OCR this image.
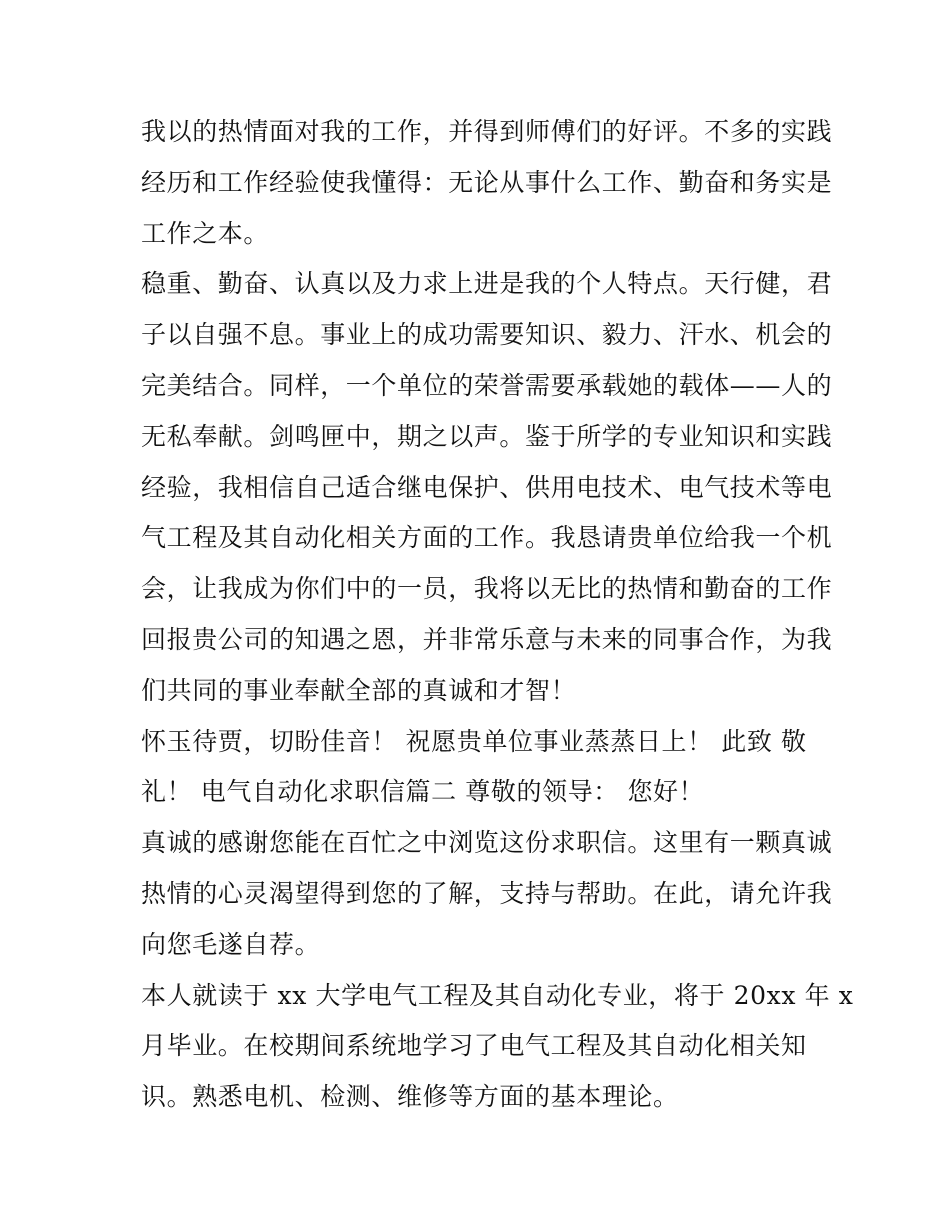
我以的热情面对我的工作，并得到师傅们的好评。不多的实践
经历和工作经验使我懂得：无论从事什么工作、勤奋和务实是
工作之本。

稳重、勤奋、认真以及力求上进是我的个人特点。天行健，君
子以自强不息。事业上的成功需要知识、毅力、汗水、机会的
完美结合。同样，一个单位的荣誉需要承载她的载体——人的
无私奉献。剑鸣匣中，期之以声。鉴于所学的专业知识和实践
经验，我相信自己适合继电保护、供用电技术、电气技术等电
气工程及其自动化相关方面的工作。我恳请贵单位给我一个机
会，让我成为你们中的一员，我将以无比的热情和勤奋的工作
回报贵公司的知遇之恩，并非常乐意与未来的同事合作，为我
们共同的事业奉献全部的真诚和才智！

怀玉待贾，切盼佳音！ 祝愿贵单位事业蒸蒸日上！ 此致 敬
礼！ 电气自动化求职信篇二 尊敬的领导： 您好！

真诚的感谢您能在百忙之中浏览这份求职信。这里有一颗真诚
热情的心灵渴望得到您的了解，支持与帮助。在此，请允许我
向您毛遂自荐。

本人就读于 xx 大学电气工程及其自动化专业，将于 20xx 年 x
月毕业。在校期间系统地学习了电气工程及其自动化相关知
识。熟悉电机、检测、维修等方面的基本理论。
